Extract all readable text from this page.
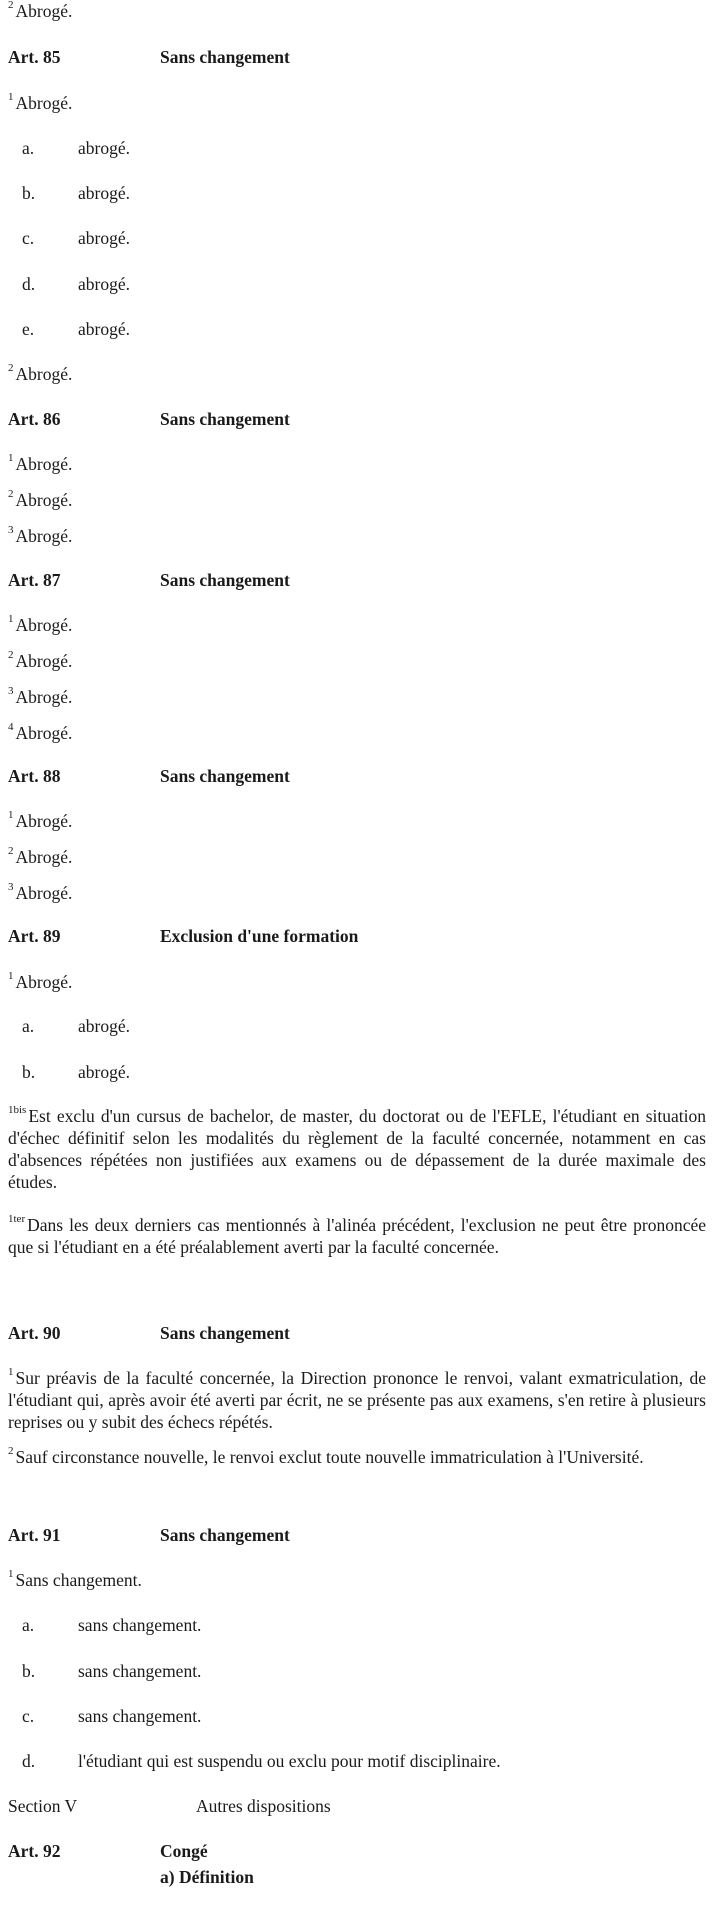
$^2$ Abrogé.
Art. 85	Sans changement
$^1$ Abrogé.
a.	abrogé.
b. abrogé.
c.	abrogé.
d. abrogé.
e.	abrogé.
$^2$ Abrogé.
Art. 86	Sans changement
$^1$ Abrogé.
$^2$ Abrogé.
$^3$ Abrogé.
Art. 87	Sans changement
$^1$ Abrogé.
$^2$ Abrogé.
$^3$ Abrogé.
$^4$ Abrogé.
Art. 88	Sans changement
$^1$ Abrogé.
$^2$ Abrogé.
$^3$ Abrogé.
Art. 89	Exclusion d'une formation
$^1$ Abrogé.
a.	abrogé.
b. abrogé.
$^{1bis}$ Est exclu d'un cursus de bachelor, de master, du doctorat ou de l'EFLE, l'étudiant en situation d'échec définitif selon les modalités du règlement de la faculté concernée, notamment en cas d'absences répétées non justifiées aux examens ou de dépassement de la durée maximale des études.
$^{1ter}$ Dans les deux derniers cas mentionnés à l'alinéa précédent, l'exclusion ne peut être prononcée que si l'étudiant en a été préalablement averti par la faculté concernée.
Art. 90	Sans changement
$^1$ Sur préavis de la faculté concernée, la Direction prononce le renvoi, valant exmatriculation, de l'étudiant qui, après avoir été averti par écrit, ne se présente pas aux examens, s'en retire à plusieurs reprises ou y subit des échecs répétés.
$^2$ Sauf circonstance nouvelle, le renvoi exclut toute nouvelle immatriculation à l'Université.
Art. 91	Sans changement
$^1$ Sans changement.
a.	sans changement.
b. sans changement.
c.	sans changement.
d. l'étudiant qui est suspendu ou exclu pour motif disciplinaire.
Section V	Autres dispositions
Art. 92	Congé
a) Définition
